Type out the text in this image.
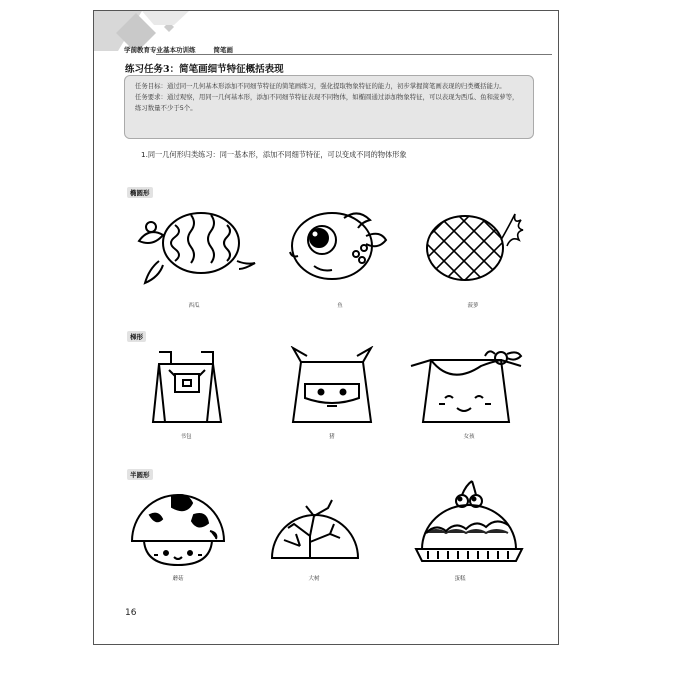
学前教育专业基本功训练	简笔画
练习任务3：简笔画细节特征概括表现

任务目标：通过同一几何基本形添加不同细节特征的简笔画练习，强化提取物象特征的能力，初步掌握简笔画表现的归类概括能力。

任务要求：通过观察，用同一几何基本形，添加不同细节特征表现不同物体，如椭圆通过添加物象特征，可以表现为西瓜、鱼和菠萝等，练习数量不少于5个。

1.同一几何形归类练习：同一基本形，添加不同细节特征，可以变成不同的物体形象
椭圆形
西瓜	鱼	菠萝
梯形
书包	猪	女孩
半圆形
蘑菇	大树	蛋糕
16
